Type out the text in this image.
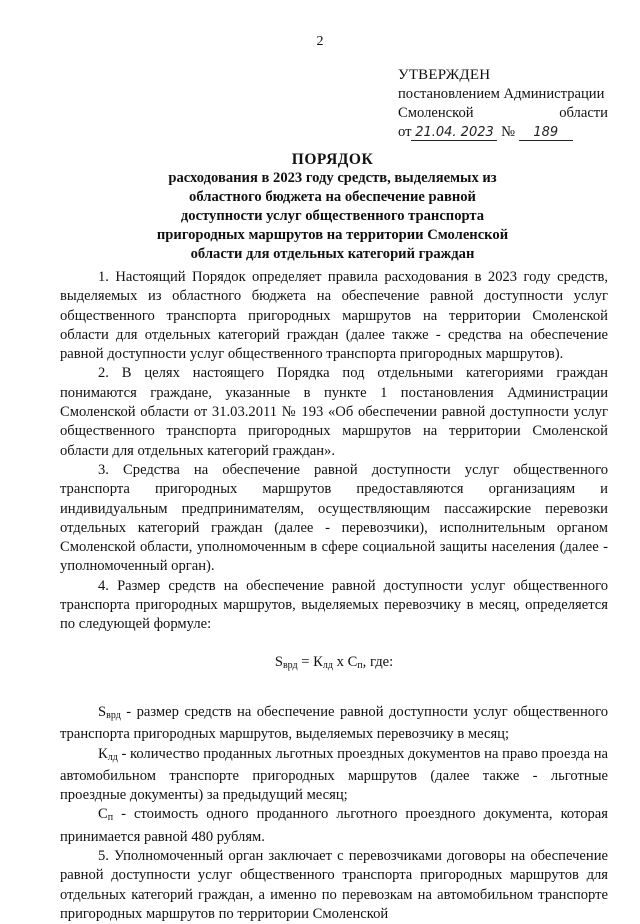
2
УТВЕРЖДЕН
постановлением Администрации
Смоленской	области
от 21.04. 2023 № 189
ПОРЯДОК
расходования в 2023 году средств, выделяемых из
областного бюджета на обеспечение равной
доступности услуг общественного транспорта
пригородных маршрутов на территории Смоленской
области для отдельных категорий граждан

1. Настоящий Порядок определяет правила расходования в 2023 году средств, выделяемых из областного бюджета на обеспечение равной доступности услуг общественного транспорта пригородных маршрутов на территории Смоленской области для отдельных категорий граждан (далее также - средства на обеспечение равной доступности услуг общественного транспорта пригородных маршрутов).

2. В целях настоящего Порядка под отдельными категориями граждан понимаются граждане, указанные в пункте 1 постановления Администрации Смоленской области от 31.03.2011 № 193 «Об обеспечении равной доступности услуг общественного транспорта пригородных маршрутов на территории Смоленской области для отдельных категорий граждан».

3. Средства на обеспечение равной доступности услуг общественного транспорта пригородных маршрутов предоставляются организациям и индивидуальным предпринимателям, осуществляющим пассажирские перевозки отдельных категорий граждан (далее - перевозчики), исполнительным органом Смоленской области, уполномоченным в сфере социальной защиты населения (далее - уполномоченный орган).

4. Размер средств на обеспечение равной доступности услуг общественного транспорта пригородных маршрутов, выделяемых перевозчику в месяц, определяется по следующей формуле:

$S_{врд} = К_{лд}$ х $С_п$, где:

$S_{врд}$ - размер средств на обеспечение равной доступности услуг общественного транспорта пригородных маршрутов, выделяемых перевозчику в месяц;

$К_{лд}$ - количество проданных льготных проездных документов на право проезда на автомобильном транспорте пригородных маршрутов (далее также - льготные проездные документы) за предыдущий месяц;

$С_п$ - стоимость одного проданного льготного проездного документа, которая принимается равной 480 рублям.

5. Уполномоченный орган заключает с перевозчиками договоры на обеспечение равной доступности услуг общественного транспорта пригородных маршрутов для отдельных категорий граждан, а именно по перевозкам на автомобильном транспорте пригородных маршрутов по территории Смоленской
